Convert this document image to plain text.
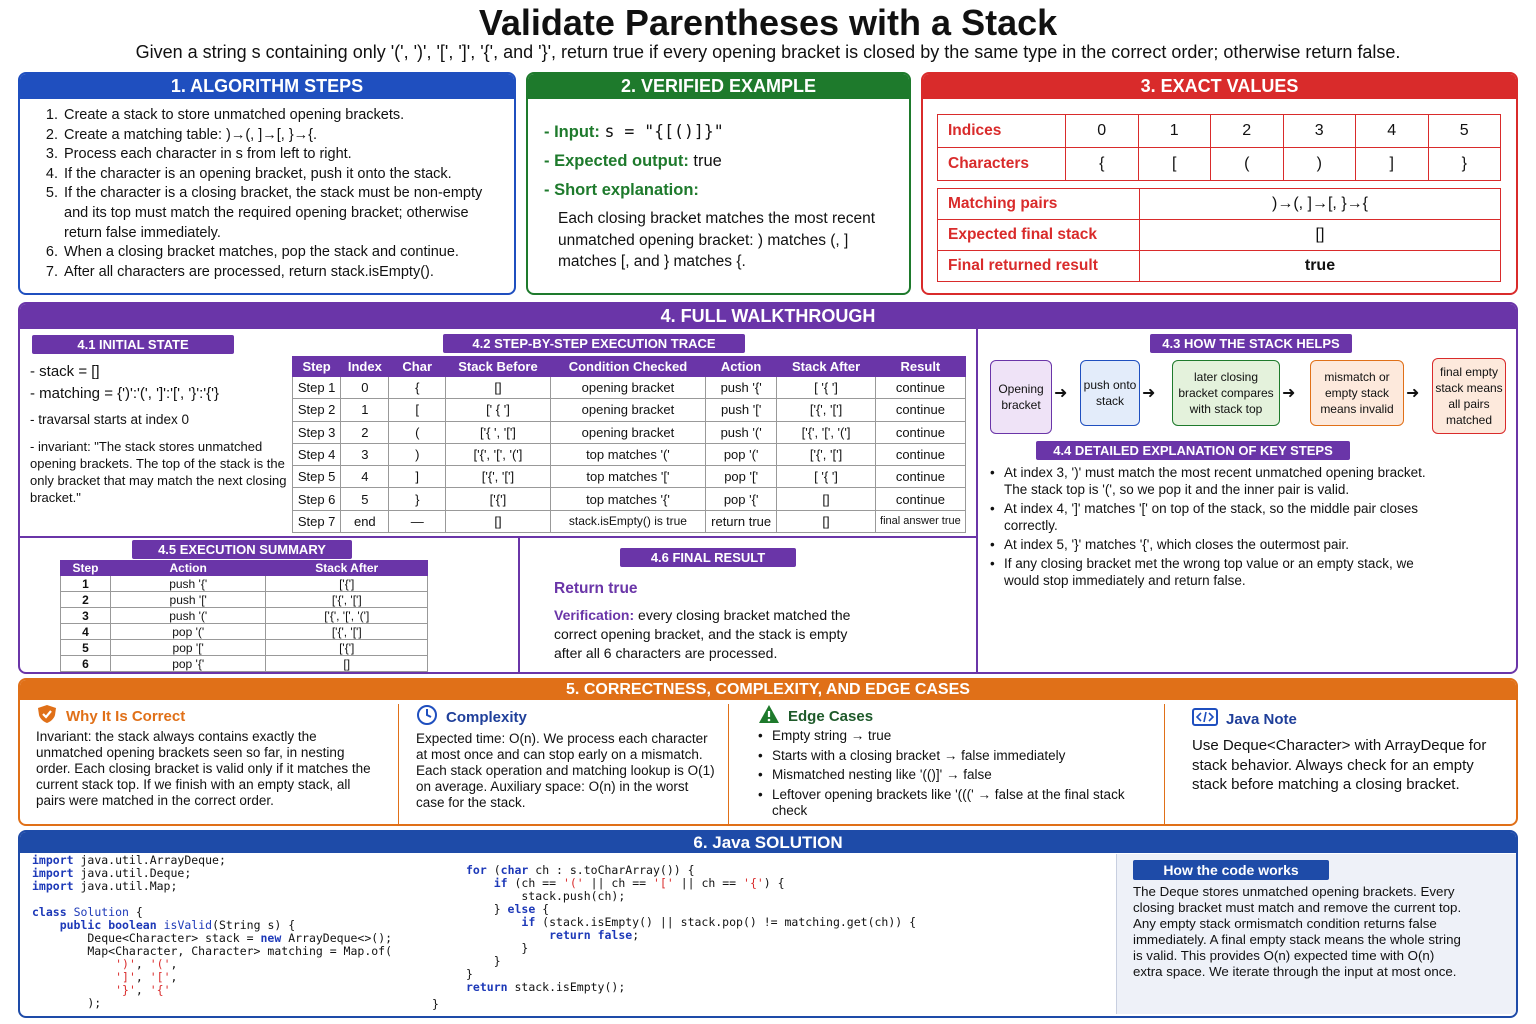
Validate Parentheses with a Stack
Given a string s containing only '(', ')', '[', ']', '{', and '}', return true if every opening bracket is closed by the same type in the correct order; otherwise return false.
1. ALGORITHM STEPS
1. Create a stack to store unmatched opening brackets.
2. Create a matching table: )→(, ]→[, }→{.
3. Process each character in s from left to right.
4. If the character is an opening bracket, push it onto the stack.
5. If the character is a closing bracket, the stack must be non-empty and its top must match the required opening bracket; otherwise return false immediately.
6. When a closing bracket matches, pop the stack and continue.
7. After all characters are processed, return stack.isEmpty().
2. VERIFIED EXAMPLE
- Input: s = "{[()]}"
- Expected output: true
- Short explanation:
Each closing bracket matches the most recent unmatched opening bracket: ) matches (, ] matches [, and } matches {.
3. EXACT VALUES
Indices	0	1	2	3	4	5
Characters	{	[	(	)	]	}
Matching pairs	)→(, ]→[, }→{
Expected final stack	[]
Final returned result	true
4. FULL WALKTHROUGH
4.1 INITIAL STATE
- stack = []
- matching = {')':'(', ']':'[', '}':'{'}
- travarsal starts at index 0
- invariant: "The stack stores unmatched opening brackets. The top of the stack is the only bracket that may match the next closing bracket."
4.2 STEP-BY-STEP EXECUTION TRACE
Step	Index	Char	Stack Before	Condition Checked	Action	Stack After	Result
Step 1	0	{	[]	opening bracket	push '{'	[ '{ ']	continue
Step 2	1	[	[' { ']	opening bracket	push '['	['{', '[']	continue
Step 3	2	(	['{ ', '[']	opening bracket	push '('	['{', '[', '(']	continue
Step 4	3	)	['{', '[', '(']	top matches '('	pop '('	['{', '[']	continue
Step 5	4	]	['{', '[']	top matches '['	pop '['	[ '{ ']	continue
Step 6	5	}	['{']	top matches '{'	pop '{'	[]	continue
Step 7	end	—	[]	stack.isEmpty() is true	return true	[]	final answer true
4.3 HOW THE STACK HELPS
Opening bracket
➜	push onto stack	➜
later closing bracket compares with stack top
➜
mismatch or empty stack means invalid
➜
final empty stack means all pairs matched
4.4 DETAILED EXPLANATION OF KEY STEPS
• At index 3, ')' must match the most recent unmatched opening bracket. The stack top is '(', so we pop it and the inner pair is valid.
• At index 4, ']' matches '[' on top of the stack, so the middle pair closes correctly.
• At index 5, '}' matches '{', which closes the outermost pair.
• If any closing bracket met the wrong top value or an empty stack, we would stop immediately and return false.
4.5 EXECUTION SUMMARY
Step	Action	Stack After
1	push '{'	['{']
2	push '['	['{', '[']
3	push '('	['{', '[', '(']
4	pop '('	['{', '[']
5	pop '['	['{']
6	pop '{'	[]
4.6 FINAL RESULT
Return true
Verification: every closing bracket matched the correct opening bracket, and the stack is empty after all 6 characters are processed.
5. CORRECTNESS, COMPLEXITY, AND EDGE CASES
Why It Is Correct
Invariant: the stack always contains exactly the unmatched opening brackets seen so far, in nesting order. Each closing bracket is valid only if it matches the current stack top. If we finish with an empty stack, all pairs were matched in the correct order.
Complexity
Expected time: O(n). We process each character at most once and can stop early on a mismatch. Each stack operation and matching lookup is O(1) on average. Auxiliary space: O(n) in the worst case for the stack.
Edge Cases
• Empty string → true
• Starts with a closing bracket → false immediately
• Mismatched nesting like '(()]' → false
• Leftover opening brackets like '(((' → false at the final stack check
Java Note
Use Deque<Character> with ArrayDeque for stack behavior. Always check for an empty stack before matching a closing bracket.
6. Java SOLUTION
import java.util.ArrayDeque;
import java.util.Deque;
import java.util.Map;
class Solution {
public boolean isValid(String s) {
Deque<Character> stack = new ArrayDeque<>();
Map<Character, Character> matching = Map.of(
')', '(',
']', '[',
'}', '{'
);
for (char ch : s.toCharArray()) {
if (ch == '(' || ch == '[' || ch == '{') {
stack.push(ch);
} else {
if (stack.isEmpty() || stack.pop() != matching.get(ch)) {
return false;
}
}
}
return stack.isEmpty();
}
How the code works
The Deque stores unmatched opening brackets. Every closing bracket must match and remove the current top. Any empty stack ormismatch condition returns false immediately. A final empty stack means the whole string is valid. This provides O(n) expected time with O(n) extra space. We iterate through the input at most once.
